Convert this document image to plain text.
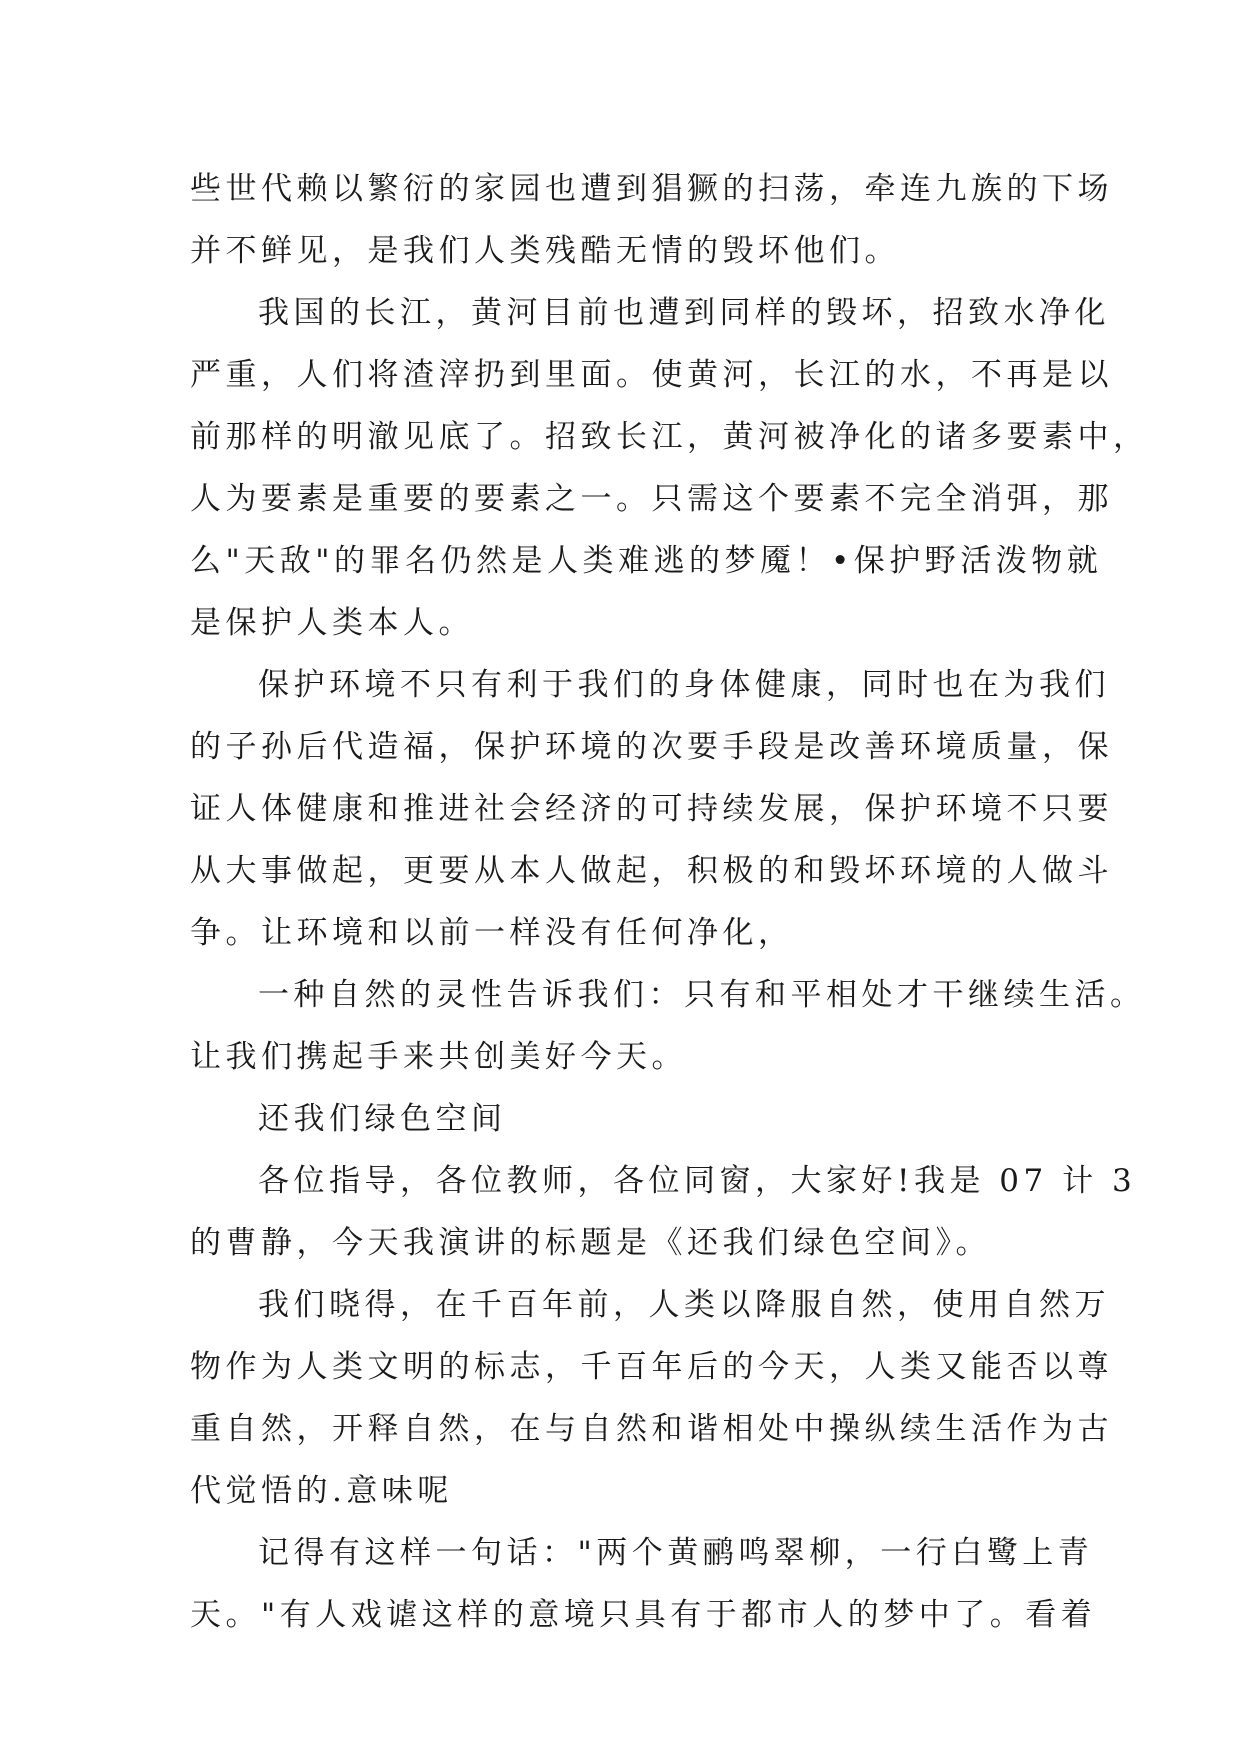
些世代赖以繁衍的家园也遭到猖獗的扫荡，牵连九族的下场
并不鲜见，是我们人类残酷无情的毁坏他们。
我国的长江，黄河目前也遭到同样的毁坏，招致水净化
严重，人们将渣滓扔到里面。使黄河，长江的水，不再是以
前那样的明澈见底了。招致长江，黄河被净化的诸多要素中，
人为要素是重要的要素之一。只需这个要素不完全消弭，那
么"天敌"的罪名仍然是人类难逃的梦魇！•保护野活泼物就
是保护人类本人。
保护环境不只有利于我们的身体健康，同时也在为我们
的子孙后代造福，保护环境的次要手段是改善环境质量，保
证人体健康和推进社会经济的可持续发展，保护环境不只要
从大事做起，更要从本人做起，积极的和毁坏环境的人做斗
争。让环境和以前一样没有任何净化，
一种自然的灵性告诉我们：只有和平相处才干继续生活。
让我们携起手来共创美好今天。
还我们绿色空间
各位指导，各位教师，各位同窗，大家好!我是 07 计 3
的曹静，今天我演讲的标题是《还我们绿色空间》。
我们晓得，在千百年前，人类以降服自然，使用自然万
物作为人类文明的标志，千百年后的今天，人类又能否以尊
重自然，开释自然，在与自然和谐相处中操纵续生活作为古
代觉悟的.意味呢
记得有这样一句话："两个黄鹂鸣翠柳，一行白鹭上青
天。"有人戏谑这样的意境只具有于都市人的梦中了。看着
